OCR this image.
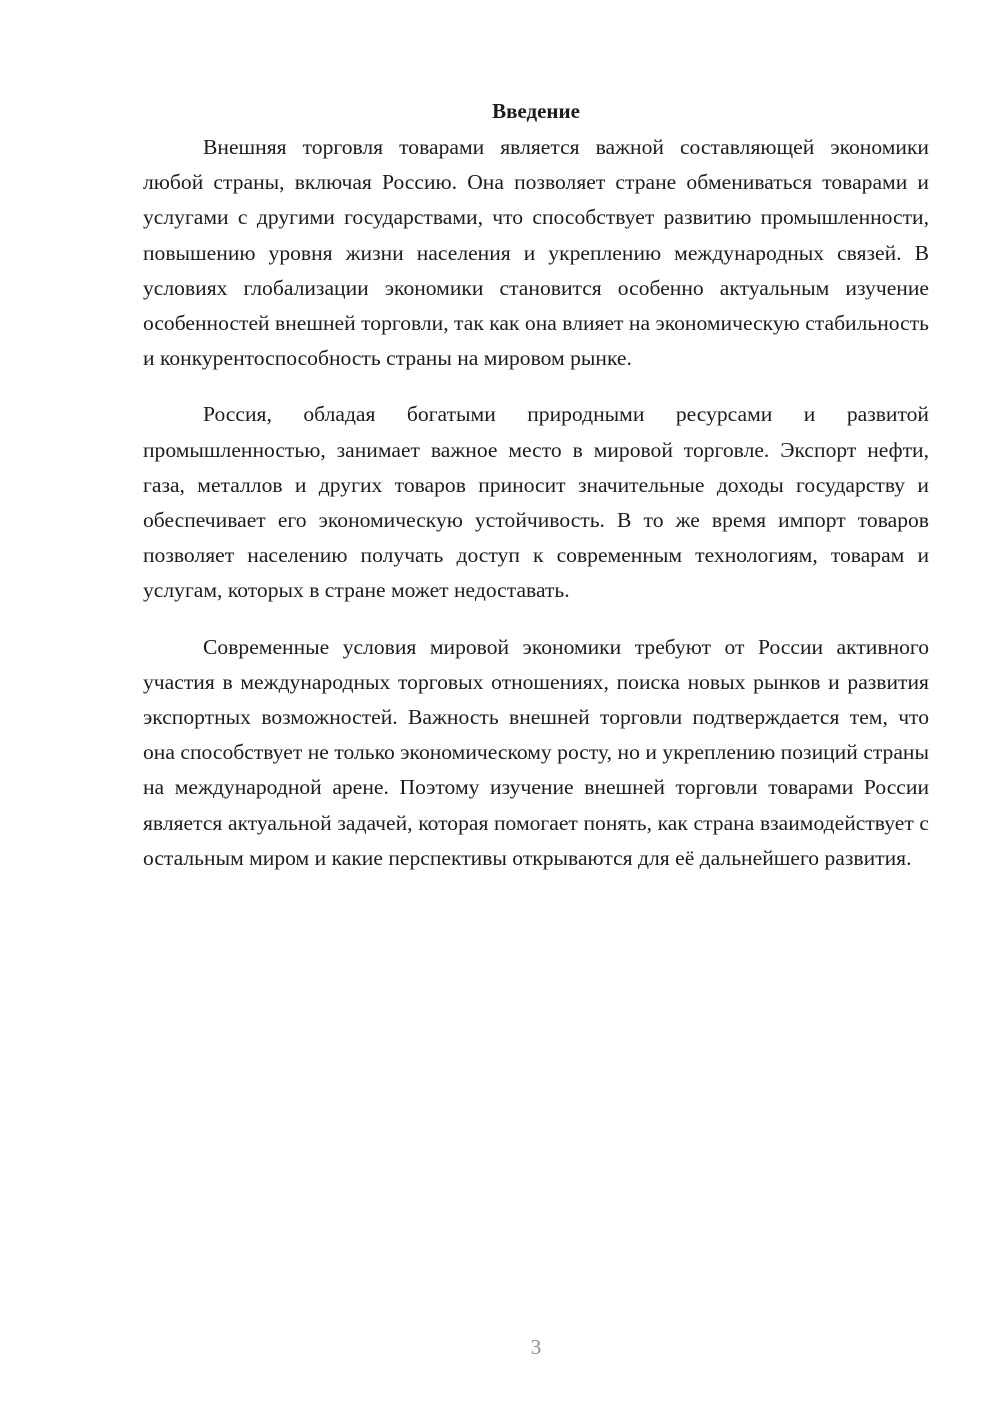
Введение

Внешняя торговля товарами является важной составляющей экономики любой страны, включая Россию. Она позволяет стране обмениваться товарами и услугами с другими государствами, что способствует развитию промышленности, повышению уровня жизни населения и укреплению международных связей. В условиях глобализации экономики становится особенно актуальным изучение особенностей внешней торговли, так как она влияет на экономическую стабильность и конкурентоспособность страны на мировом рынке.

Россия, обладая богатыми природными ресурсами и развитой промышленностью, занимает важное место в мировой торговле. Экспорт нефти, газа, металлов и других товаров приносит значительные доходы государству и обеспечивает его экономическую устойчивость. В то же время импорт товаров позволяет населению получать доступ к современным технологиям, товарам и услугам, которых в стране может недоставать.

Современные условия мировой экономики требуют от России активного участия в международных торговых отношениях, поиска новых рынков и развития экспортных возможностей. Важность внешней торговли подтверждается тем, что она способствует не только экономическому росту, но и укреплению позиций страны на международной арене. Поэтому изучение внешней торговли товарами России является актуальной задачей, которая помогает понять, как страна взаимодействует с остальным миром и какие перспективы открываются для её дальнейшего развития.

3
